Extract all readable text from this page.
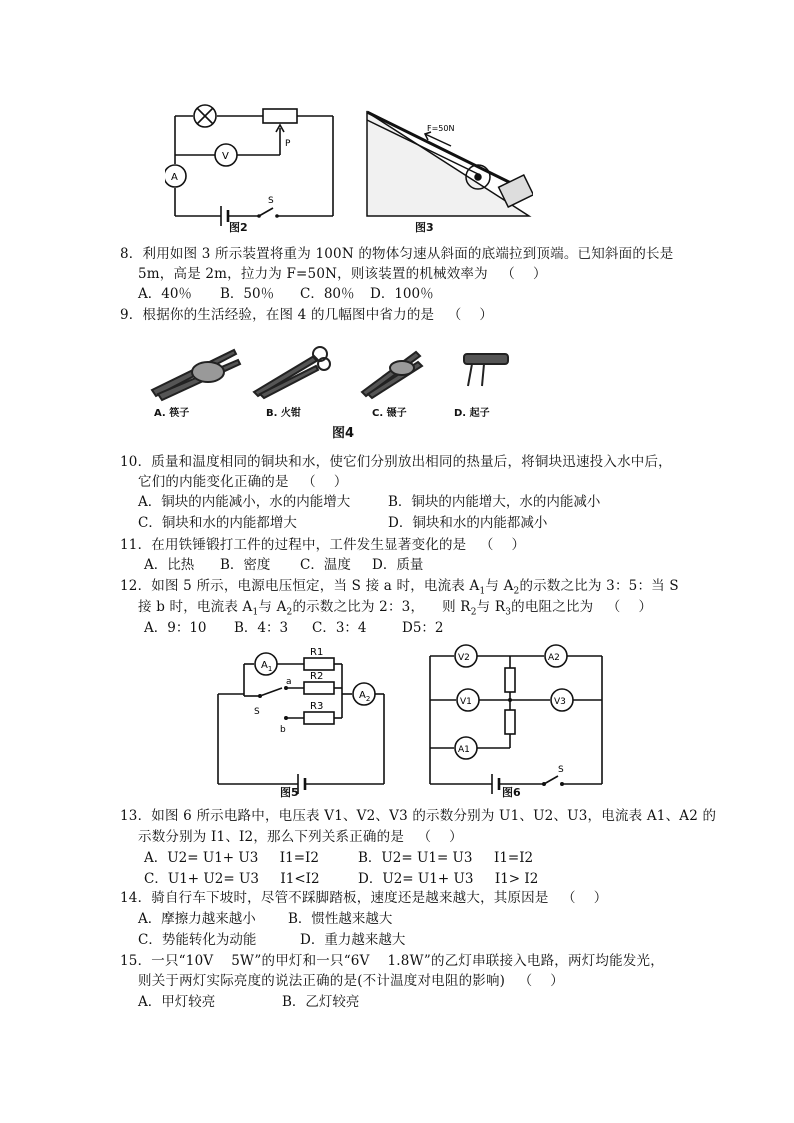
A
V
P
S
图2
F=50N
图3
8．利用如图 3 所示装置将重为 100N 的物体匀速从斜面的底端拉到顶端。已知斜面的长是
5m，高是 2m，拉力为 F=50N，则该装置的机械效率为   （    ）
A．40％ B．50％ C．80％ D．100％
9．根据你的生活经验，在图 4 的几幅图中省力的是   （    ）
A. 筷子	B. 火钳	C. 镊子	D. 起子
图4
10．质量和温度相同的铜块和水，使它们分别放出相同的热量后，将铜块迅速投入水中后，
它们的内能变化正确的是   （    ）
A．铜块的内能减小，水的内能增大	B．铜块的内能增大，水的内能减小
C．铜块和水的内能都增大	D．铜块和水的内能都减小
11．在用铁锤锻打工件的过程中，工件发生显著变化的是   （    ）
A．比热 B．密度 C．温度 D．质量
12．如图 5 所示，电源电压恒定，当 S 接 a 时，电流表 $A_1$与 $A_2$的示数之比为 3：5：当 S
接 b 时，电流表 $A_1$与 $A_2$的示数之比为 2：3，    则 $R_2$与 $R_3$的电阻之比为   （    ）
A．9：10 B．4：3 C．3：4	D5：2
$A_1$
$A_2$
R1
R2
R3
a
b
S
图5
V2	A2
V1	V3
A1
S
图6
13．如图 6 所示电路中，电压表 V1、V2、V3 的示数分别为 U1、U2、U3，电流表 A1、A2 的
示数分别为 I1、I2，那么下列关系正确的是   （    ）
A．U2= U1+ U3     I1=I2	B．U2= U1= U3     I1=I2
C．U1+ U2= U3     I1<I2	D．U2= U1+ U3     I1> I2
14．骑自行车下坡时，尽管不踩脚踏板，速度还是越来越大，其原因是   （    ）
A．摩擦力越来越小 B．惯性越来越大
C．势能转化为动能	D．重力越来越大
15．一只“10V    5W”的甲灯和一只“6V    1.8W”的乙灯串联接入电路，两灯均能发光，
则关于两灯实际亮度的说法正确的是(不计温度对电阻的影响)   （    ）
A．甲灯较亮	B．乙灯较亮
